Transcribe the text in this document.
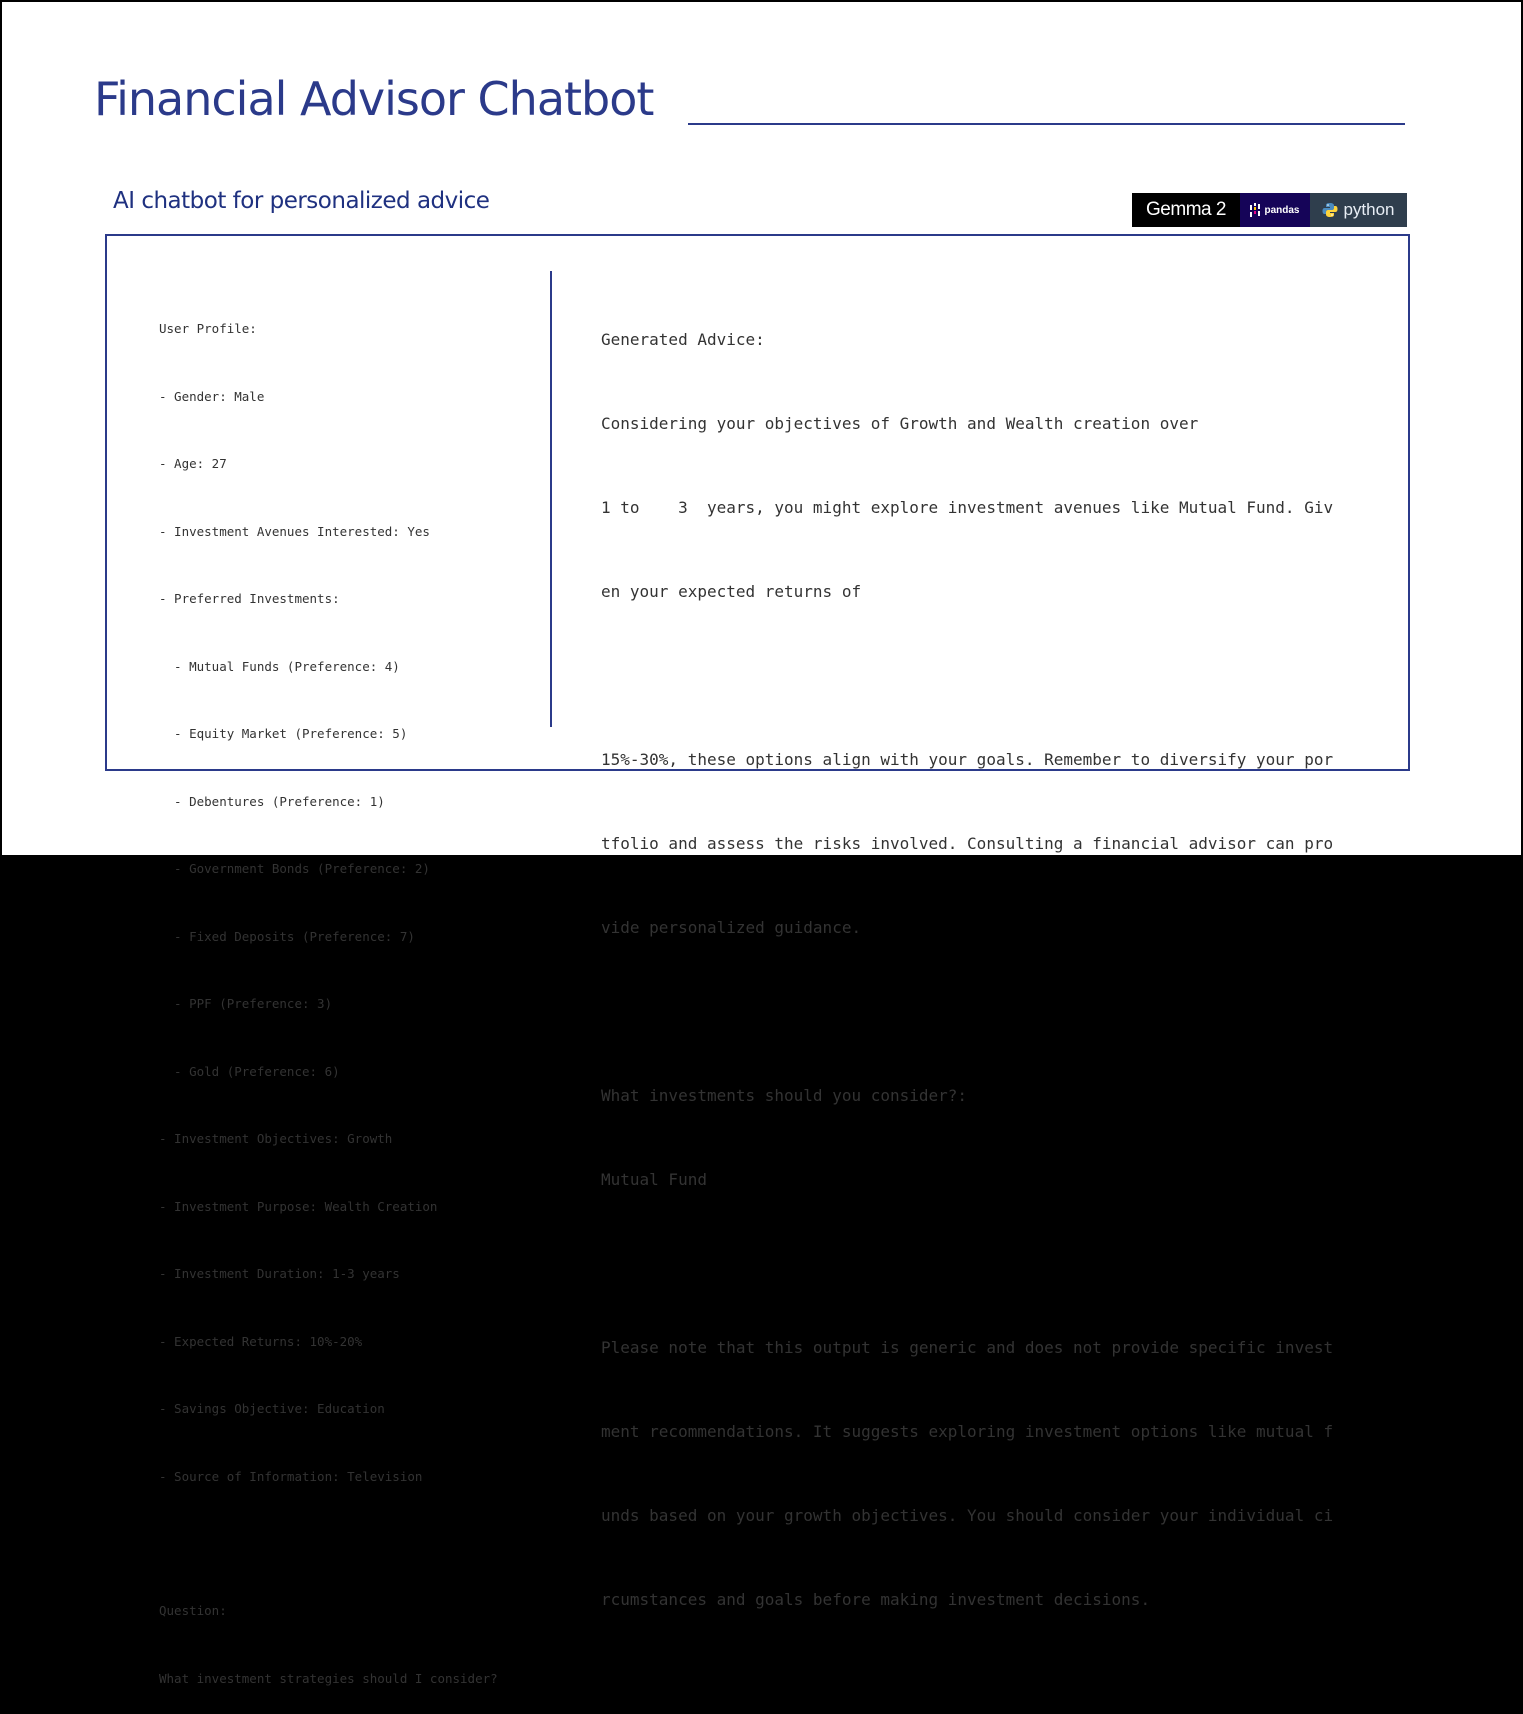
Financial Advisor Chatbot
AI chatbot for personalized advice	Gemma 2	pandas	python

User Profile:

- Gender: Male

- Age: 27

- Investment Avenues Interested: Yes

- Preferred Investments:

- Mutual Funds (Preference: 4)

- Equity Market (Preference: 5)

- Debentures (Preference: 1)

- Government Bonds (Preference: 2)

- Fixed Deposits (Preference: 7)

- PPF (Preference: 3)

- Gold (Preference: 6)

- Investment Objectives: Growth

- Investment Purpose: Wealth Creation

- Investment Duration: 1-3 years

- Expected Returns: 10%-20%

- Savings Objective: Education

- Source of Information: Television

Question:

What investment strategies should I consider?

Generated Advice:

Considering your objectives of Growth and Wealth creation over

1 to    3  years, you might explore investment avenues like Mutual Fund. Giv

en your expected returns of

15%-30%, these options align with your goals. Remember to diversify your por

tfolio and assess the risks involved. Consulting a financial advisor can pro

vide personalized guidance.

What investments should you consider?:

Mutual Fund

Please note that this output is generic and does not provide specific invest

ment recommendations. It suggests exploring investment options like mutual f

unds based on your growth objectives. You should consider your individual ci

rcumstances and goals before making investment decisions.
